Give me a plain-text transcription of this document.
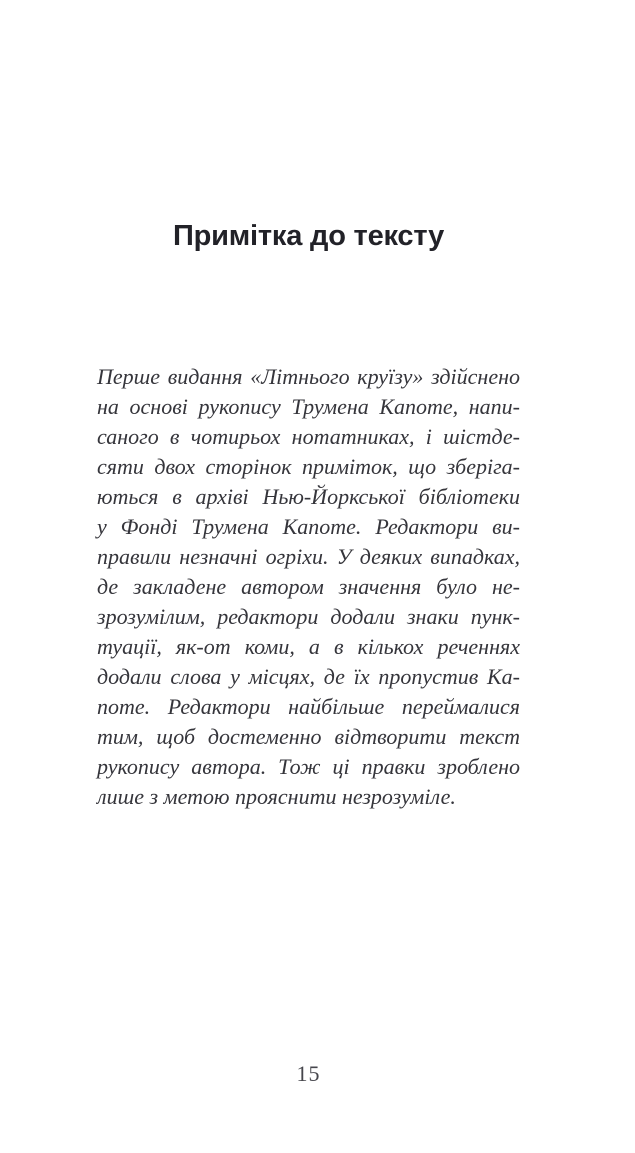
Примітка до тексту
Перше видання «Літнього круїзу» здійснено
на основі рукопису Трумена Капоте, напи-
саного в чотирьох нотатниках, і шістде-
сяти двох сторінок приміток, що зберіга-
ються в архіві Нью-Йоркської бібліотеки
у Фонді Трумена Капоте. Редактори ви-
правили незначні огріхи. У деяких випадках,
де закладене автором значення було не-
зрозумілим, редактори додали знаки пунк-
туації, як-от коми, а в кількох реченнях
додали слова у місцях, де їх пропустив Ка-
поте. Редактори найбільше переймалися
тим, щоб достеменно відтворити текст
рукопису автора. Тож ці правки зроблено
лише з метою прояснити незрозуміле.
15
